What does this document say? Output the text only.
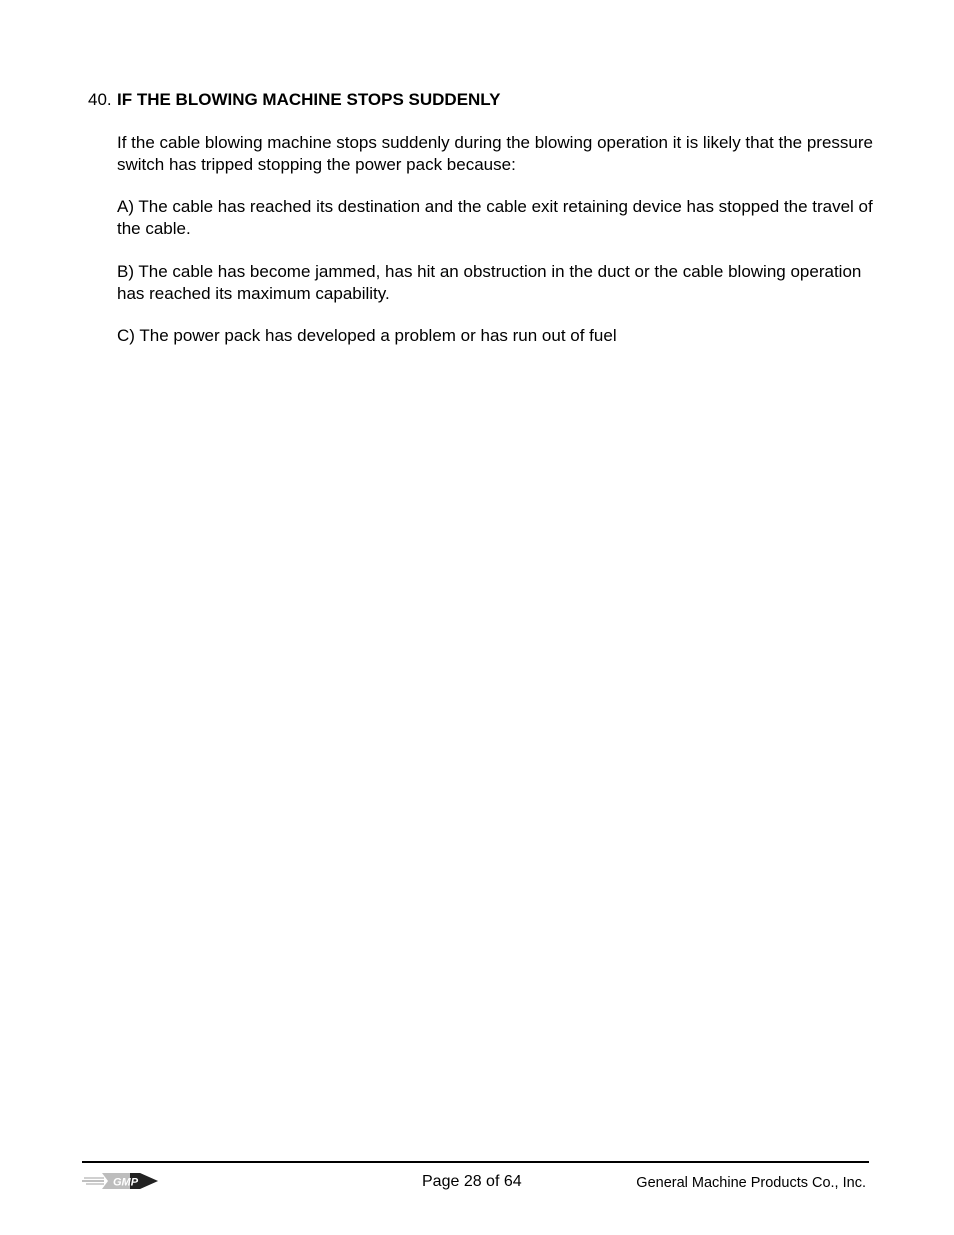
40. IF THE BLOWING MACHINE STOPS SUDDENLY
If the cable blowing machine stops suddenly during the blowing operation it is likely that the pressure switch has tripped stopping the power pack because:
A) The cable has reached its destination and the cable exit retaining device has stopped the travel of the cable.
B) The cable has become jammed, has hit an obstruction in the duct or the cable blowing operation has reached its maximum capability.
C) The power pack has developed a problem or has run out of fuel
GMP	Page 28 of 64	General Machine Products Co., Inc.
